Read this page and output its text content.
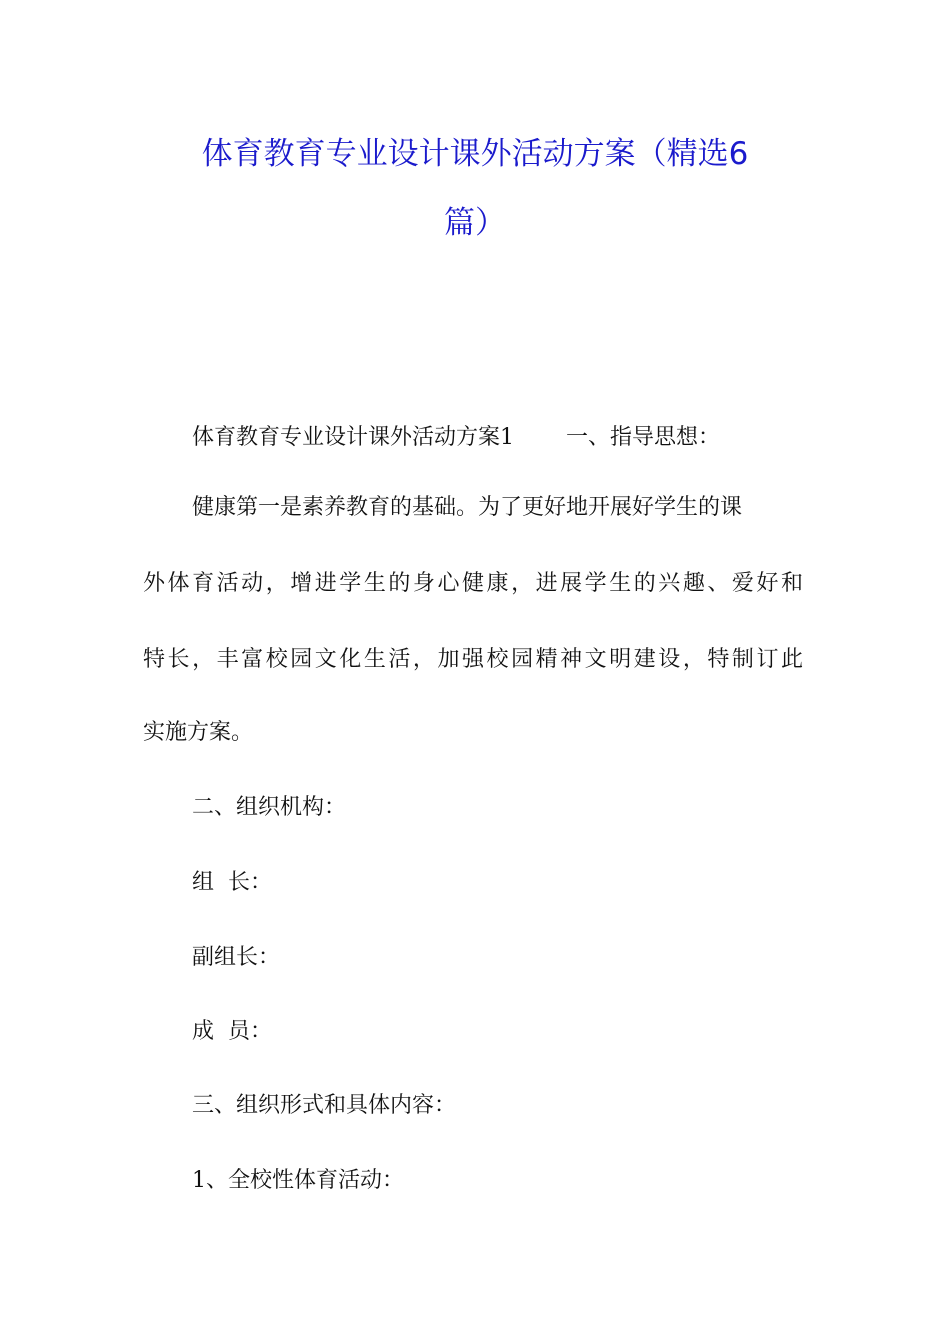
体育教育专业设计课外活动方案（精选6
篇）

体育教育专业设计课外活动方案1 一、指导思想：

健康第一是素养教育的基础。为了更好地开展好学生的课

外体育活动，增进学生的身心健康，进展学生的兴趣、爱好和

特长，丰富校园文化生活，加强校园精神文明建设，特制订此

实施方案。

二、组织机构：

组  长：

副组长：

成  员：

三、组织形式和具体内容：

1、全校性体育活动：
